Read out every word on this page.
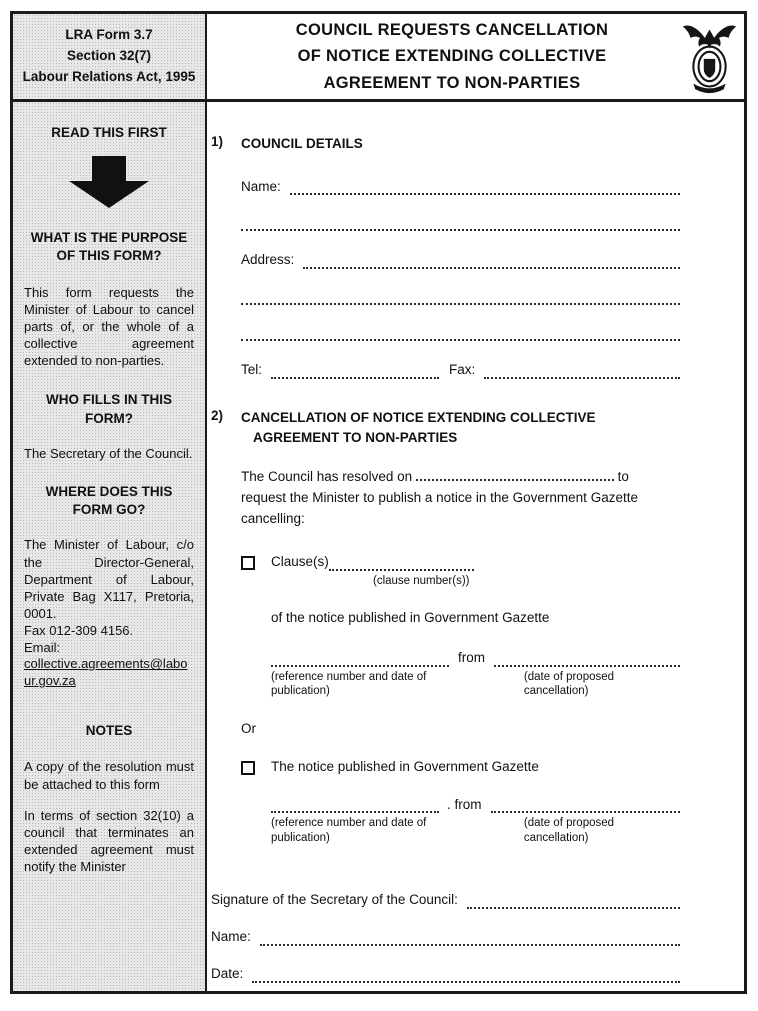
LRA Form 3.7
Section 32(7)
Labour Relations Act, 1995
COUNCIL REQUESTS CANCELLATION
OF NOTICE EXTENDING COLLECTIVE
AGREEMENT TO NON-PARTIES
READ THIS FIRST
WHAT IS THE PURPOSE OF THIS FORM?
This form requests the Minister of Labour to cancel parts of, or the whole of a collective agreement extended to non-parties.
WHO FILLS IN THIS FORM?
The Secretary of the Council.
WHERE DOES THIS FORM GO?
The Minister of Labour, c/o the Director-General, Department of Labour, Private Bag X117, Pretoria, 0001.
Fax 012-309 4156.
Email:
collective.agreements@labour.gov.za
NOTES
A copy of the resolution must be attached to this form
In terms of section 32(10) a council that terminates an extended agreement must notify the Minister
1)	COUNCIL DETAILS
Name:
Address:
Tel:	Fax:
2)	CANCELLATION OF NOTICE EXTENDING COLLECTIVE AGREEMENT TO NON-PARTIES

The Council has resolved on	to request the Minister to publish a notice in the Government Gazette cancelling:

Clause(s)
(clause number(s))
of the notice published in Government Gazette
from
(reference number and date of publication)
(date of proposed cancellation)
Or
The notice published in Government Gazette
. from
(reference number and date of publication)
(date of proposed cancellation)
Signature of the Secretary of the Council:
Name:
Date:
